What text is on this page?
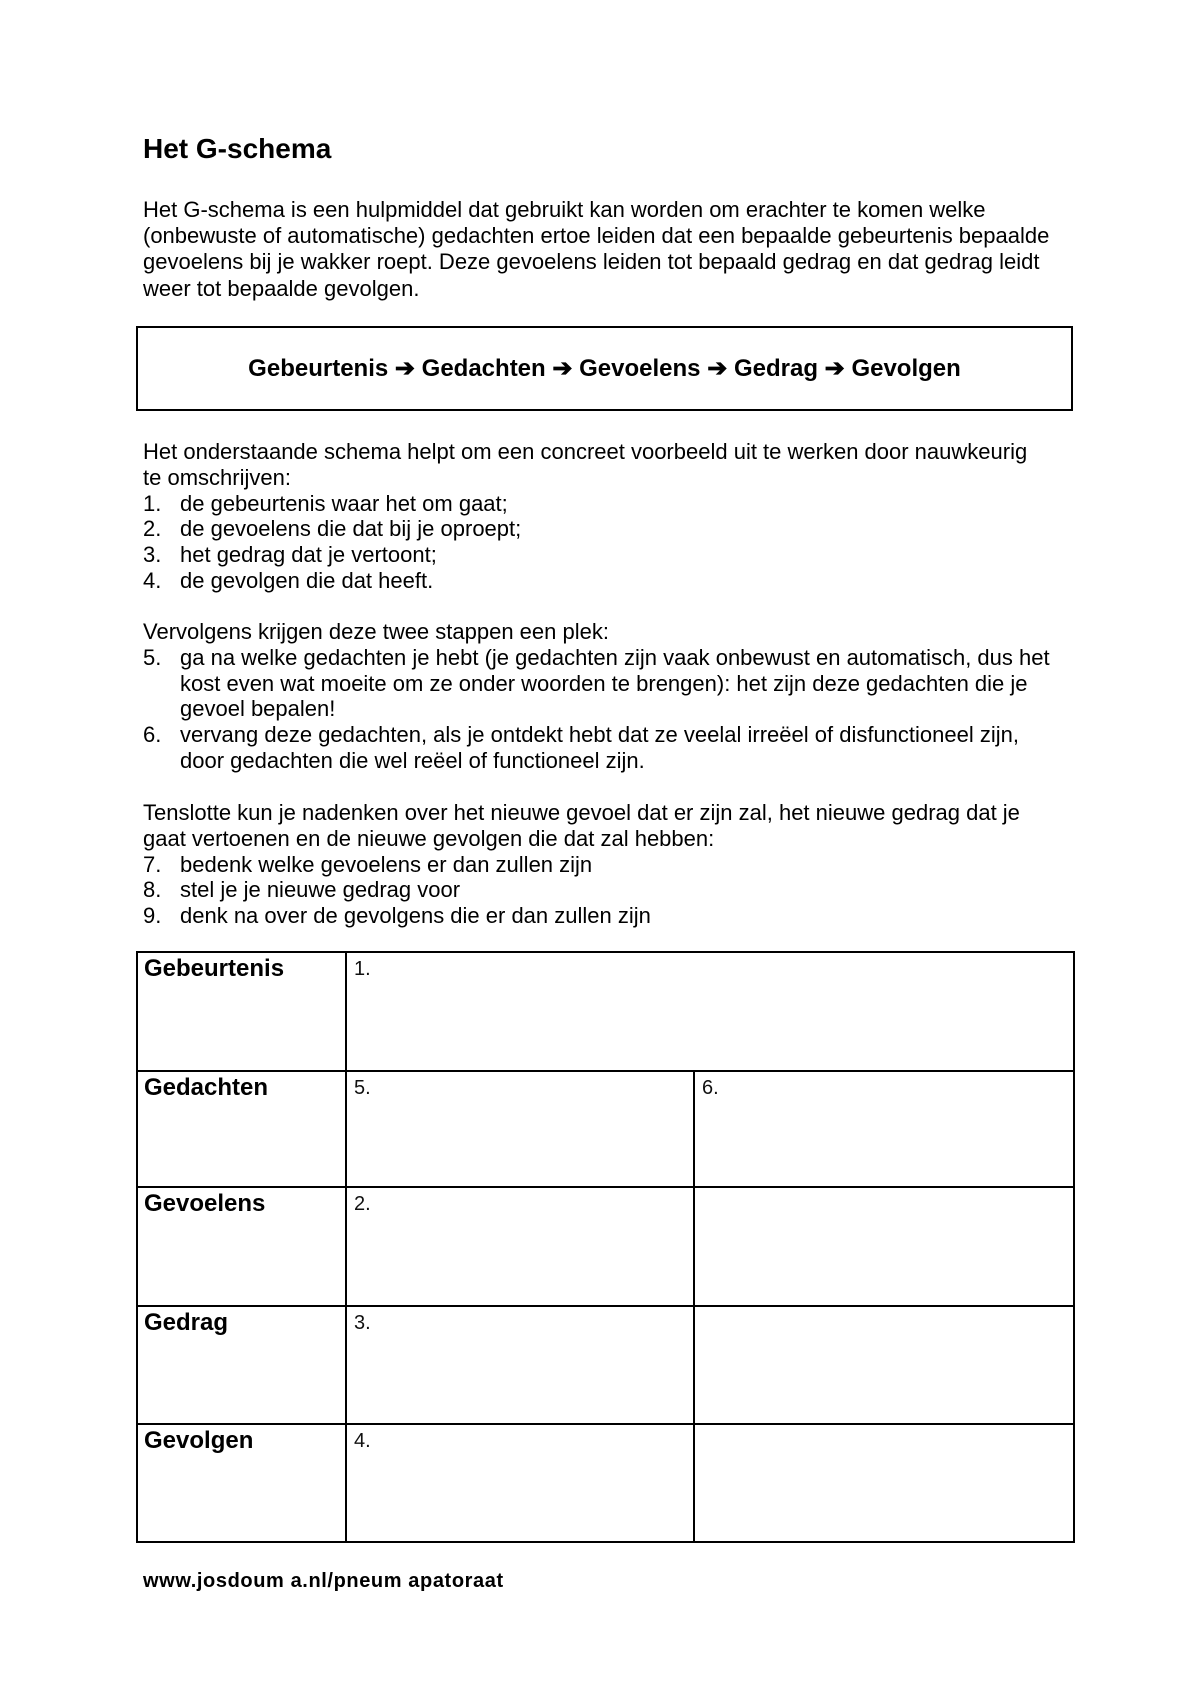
Het G-schema
Het G-schema is een hulpmiddel dat gebruikt kan worden om erachter te komen welke
(onbewuste of automatische) gedachten ertoe leiden dat een bepaalde gebeurtenis bepaalde
gevoelens bij je wakker roept. Deze gevoelens leiden tot bepaald gedrag en dat gedrag leidt
weer tot bepaalde gevolgen.
Gebeurtenis ➔ Gedachten ➔ Gevoelens ➔ Gedrag ➔ Gevolgen
Het onderstaande schema helpt om een concreet voorbeeld uit te werken door nauwkeurig
te omschrijven:
1. de gebeurtenis waar het om gaat;
2. de gevoelens die dat bij je oproept;
3. het gedrag dat je vertoont;
4. de gevolgen die dat heeft.
Vervolgens krijgen deze twee stappen een plek:
5. ga na welke gedachten je hebt (je gedachten zijn vaak onbewust en automatisch, dus het
kost even wat moeite om ze onder woorden te brengen): het zijn deze gedachten die je
gevoel bepalen!
6. vervang deze gedachten, als je ontdekt hebt dat ze veelal irreëel of disfunctioneel zijn,
door gedachten die wel reëel of functioneel zijn.
Tenslotte kun je nadenken over het nieuwe gevoel dat er zijn zal, het nieuwe gedrag dat je
gaat vertoenen en de nieuwe gevolgen die dat zal hebben:
7. bedenk welke gevoelens er dan zullen zijn
8. stel je je nieuwe gedrag voor
9. denk na over de gevolgens die er dan zullen zijn
Gebeurtenis	1.	
Gedachten	5.	6.
Gevoelens	2.	
Gedrag	3.	
Gevolgen	4.	
www.josdoum a.nl/pneum apatoraat
